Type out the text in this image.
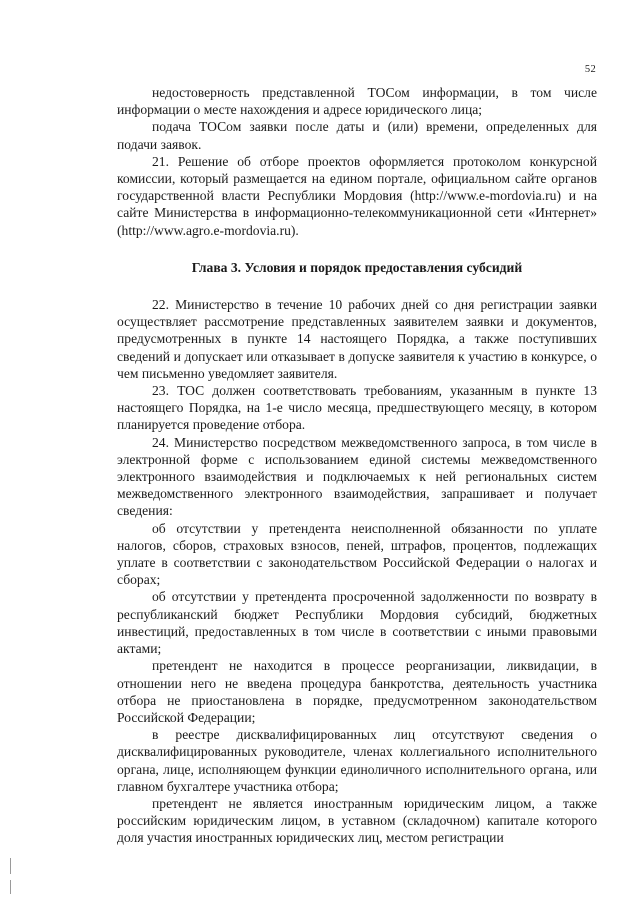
52

недостоверность представленной ТОСом информации, в том числе информации о месте нахождения и адресе юридического лица;

подача ТОСом заявки после даты и (или) времени, определенных для подачи заявок.

21. Решение об отборе проектов оформляется протоколом конкурсной комиссии, который размещается на едином портале, официальном сайте органов государственной власти Республики Мордовия (http://www.e-mordovia.ru) и на сайте Министерства в информационно-телекоммуникационной сети «Интернет» (http://www.agro.e-mordovia.ru).

Глава 3. Условия и порядок предоставления субсидий

22. Министерство в течение 10 рабочих дней со дня регистрации заявки осуществляет рассмотрение представленных заявителем заявки и документов, предусмотренных в пункте 14 настоящего Порядка, а также поступивших сведений и допускает или отказывает в допуске заявителя к участию в конкурсе, о чем письменно уведомляет заявителя.

23. ТОС должен соответствовать требованиям, указанным в пункте 13 настоящего Порядка, на 1-е число месяца, предшествующего месяцу, в котором планируется проведение отбора.

24. Министерство посредством межведомственного запроса, в том числе в электронной форме с использованием единой системы межведомственного электронного взаимодействия и подключаемых к ней региональных систем межведомственного электронного взаимодействия, запрашивает и получает сведения:

об отсутствии у претендента неисполненной обязанности по уплате налогов, сборов, страховых взносов, пеней, штрафов, процентов, подлежащих уплате в соответствии с законодательством Российской Федерации о налогах и сборах;

об отсутствии у претендента просроченной задолженности по возврату в республиканский бюджет Республики Мордовия субсидий, бюджетных инвестиций, предоставленных в том числе в соответствии с иными правовыми актами;

претендент не находится в процессе реорганизации, ликвидации, в отношении него не введена процедура банкротства, деятельность участника отбора не приостановлена в порядке, предусмотренном законодательством Российской Федерации;

в реестре дисквалифицированных лиц отсутствуют сведения о дисквалифицированных руководителе, членах коллегиального исполнительного органа, лице, исполняющем функции единоличного исполнительного органа, или главном бухгалтере участника отбора;

претендент не является иностранным юридическим лицом, а также российским юридическим лицом, в уставном (складочном) капитале которого доля участия иностранных юридических лиц, местом регистрации
